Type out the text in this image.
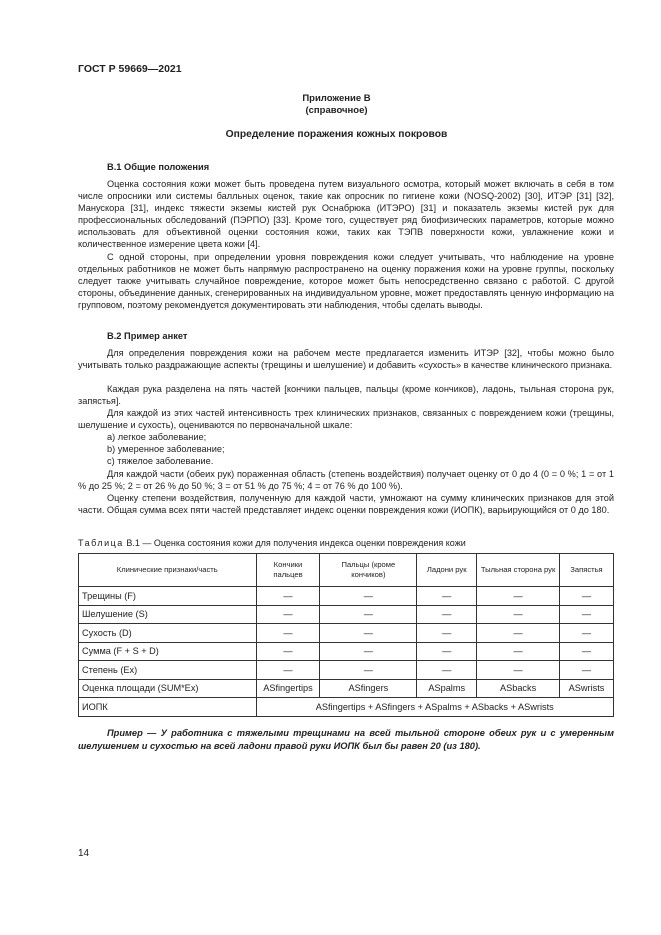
ГОСТ Р 59669—2021
Приложение В
(справочное)
Определение поражения кожных покровов
В.1 Общие положения
Оценка состояния кожи может быть проведена путем визуального осмотра, который может включать в себя в том числе опросники или системы балльных оценок, такие как опросник по гигиене кожи (NOSQ-2002) [30], ИТЭР [31] [32], Манускора [31], индекс тяжести экземы кистей рук Оснабрюка (ИТЭРО) [31] и показатель экземы кистей рук для профессиональных обследований (ПЭРПО) [33]. Кроме того, существует ряд биофизических параметров, которые можно использовать для объективной оценки состояния кожи, таких как ТЭПВ поверхности кожи, увлажнение кожи и количественное измерение цвета кожи [4].
С одной стороны, при определении уровня повреждения кожи следует учитывать, что наблюдение на уровне отдельных работников не может быть напрямую распространено на оценку поражения кожи на уровне группы, поскольку следует также учитывать случайное повреждение, которое может быть непосредственно связано с работой. С другой стороны, объединение данных, сгенерированных на индивидуальном уровне, может предоставлять ценную информацию на групповом, поэтому рекомендуется документировать эти наблюдения, чтобы сделать выводы.
В.2 Пример анкет
Для определения повреждения кожи на рабочем месте предлагается изменить ИТЭР [32], чтобы можно было учитывать только раздражающие аспекты (трещины и шелушение) и добавить «сухость» в качестве клинического признака.
Каждая рука разделена на пять частей [кончики пальцев, пальцы (кроме кончиков), ладонь, тыльная сторона рук, запястья].
Для каждой из этих частей интенсивность трех клинических признаков, связанных с повреждением кожи (трещины, шелушение и сухость), оцениваются по первоначальной шкале:
а) легкое заболевание;
b) умеренное заболевание;
с) тяжелое заболевание.
Для каждой части (обеих рук) пораженная область (степень воздействия) получает оценку от 0 до 4 (0 = 0 %; 1 = от 1 % до 25 %; 2 = от 26 % до 50 %; 3 = от 51 % до 75 %; 4 = от 76 % до 100 %).
Оценку степени воздействия, полученную для каждой части, умножают на сумму клинических признаков для этой части. Общая сумма всех пяти частей представляет индекс оценки повреждения кожи (ИОПК), варьирующийся от 0 до 180.
Таблица В.1 — Оценка состояния кожи для получения индекса оценки повреждения кожи
Клинические признаки/часть	Кончики пальцев	Пальцы (кроме кончиков)	Ладони рук	Тыльная сторона рук	Запястья
Трещины (F)	—	—	—	—	—
Шелушение (S)	—	—	—	—	—
Сухость (D)	—	—	—	—	—
Сумма (F + S + D)	—	—	—	—	—
Степень (Ex)	—	—	—	—	—
Оценка площади (SUM*Ex)	ASfingertips	ASfingers	ASpalms	ASbacks	ASwrists
ИОПК	ASfingertips + ASfingers + ASpalms + ASbacks + ASwrists				
Пример — У работника с тяжелыми трещинами на всей тыльной стороне обеих рук и с умеренным шелушением и сухостью на всей ладони правой руки ИОПК был бы равен 20 (из 180).
14
